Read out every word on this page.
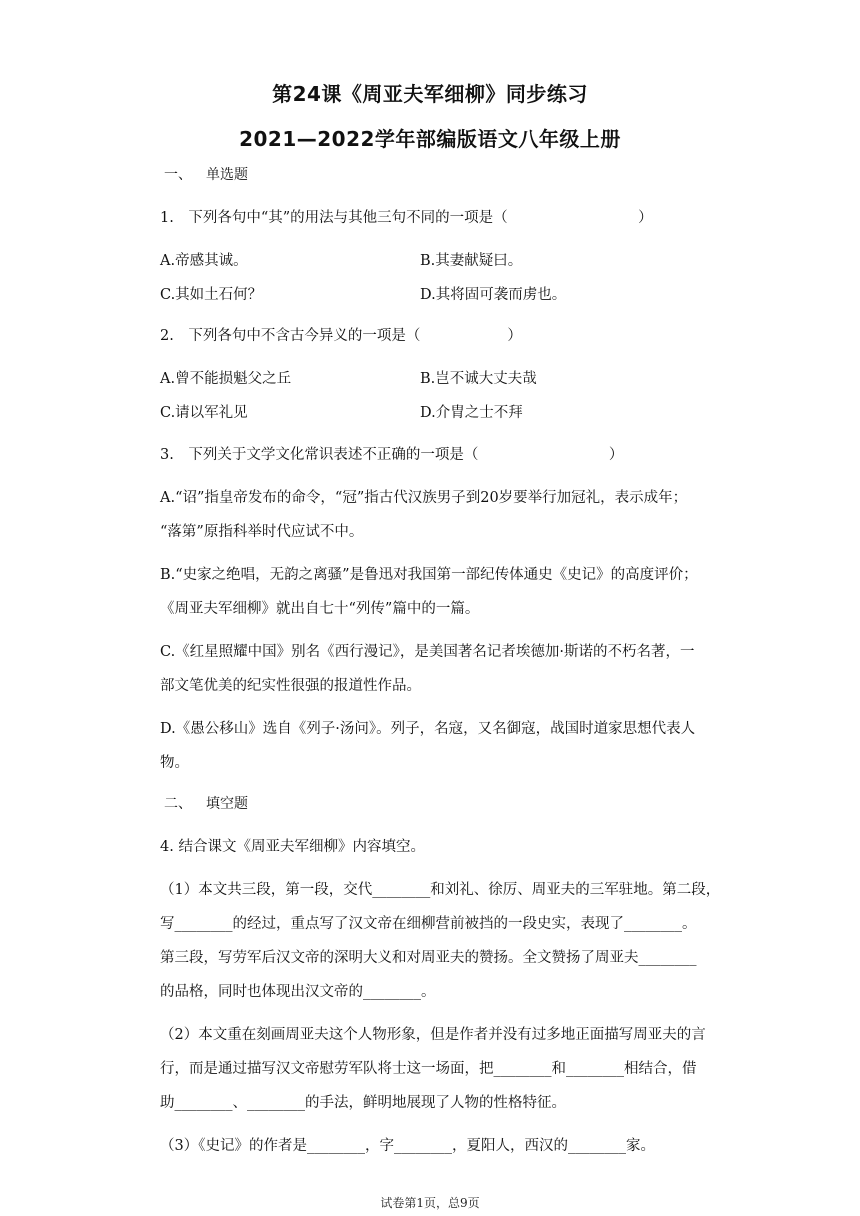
第24课《周亚夫军细柳》同步练习
2021—2022学年部编版语文八年级上册
一、 单选题
1.　下列各句中“其”的用法与其他三句不同的一项是（　　　　　　　　　）
A.帝感其诚。	B.其妻献疑曰。
C.其如土石何？	D.其将固可袭而虏也。
2.　下列各句中不含古今异义的一项是（　　　　　　）
A.曾不能损魁父之丘	B.岂不诚大丈夫哉
C.请以军礼见	D.介胄之士不拜
3.　下列关于文学文化常识表述不正确的一项是（　　　　　　　　　）
A.“诏”指皇帝发布的命令，“冠”指古代汉族男子到20岁要举行加冠礼，表示成年；
“落第”原指科举时代应试不中。
B.“史家之绝唱，无韵之离骚”是鲁迅对我国第一部纪传体通史《史记》的高度评价；
《周亚夫军细柳》就出自七十“列传”篇中的一篇。
C.《红星照耀中国》别名《西行漫记》，是美国著名记者埃德加·斯诺的不朽名著，一
部文笔优美的纪实性很强的报道性作品。
D.《愚公移山》选自《列子·汤问》。列子，名寇，又名御寇，战国时道家思想代表人
物。
二、 填空题
4. 结合课文《周亚夫军细柳》内容填空。
（1）本文共三段，第一段，交代________和刘礼、徐厉、周亚夫的三军驻地。第二段，
写________的经过，重点写了汉文帝在细柳营前被挡的一段史实，表现了________。
第三段，写劳军后汉文帝的深明大义和对周亚夫的赞扬。全文赞扬了周亚夫________
的品格，同时也体现出汉文帝的________。
（2）本文重在刻画周亚夫这个人物形象，但是作者并没有过多地正面描写周亚夫的言
行，而是通过描写汉文帝慰劳军队将士这一场面，把________和________相结合，借
助________、________的手法，鲜明地展现了人物的性格特征。
（3）《史记》的作者是________，字________，夏阳人，西汉的________家。
试卷第1页，总9页
